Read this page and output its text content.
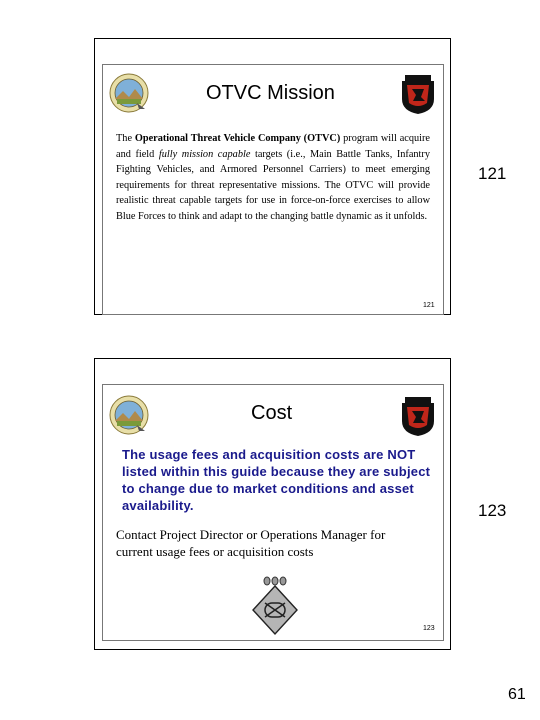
OTVC Mission
The Operational Threat Vehicle Company (OTVC) program will acquire and field fully mission capable targets (i.e., Main Battle Tanks, Infantry Fighting Vehicles, and Armored Personnel Carriers) to meet emerging requirements for threat representative missions. The OTVC will provide realistic threat capable targets for use in force-on-force exercises to allow Blue Forces to think and adapt to the changing battle dynamic as it unfolds.
121
121
Cost
The usage fees and acquisition costs are NOT listed within this guide because they are subject to change due to market conditions and asset availability.
Contact Project Director or Operations Manager for current usage fees or acquisition costs
123
123
61
